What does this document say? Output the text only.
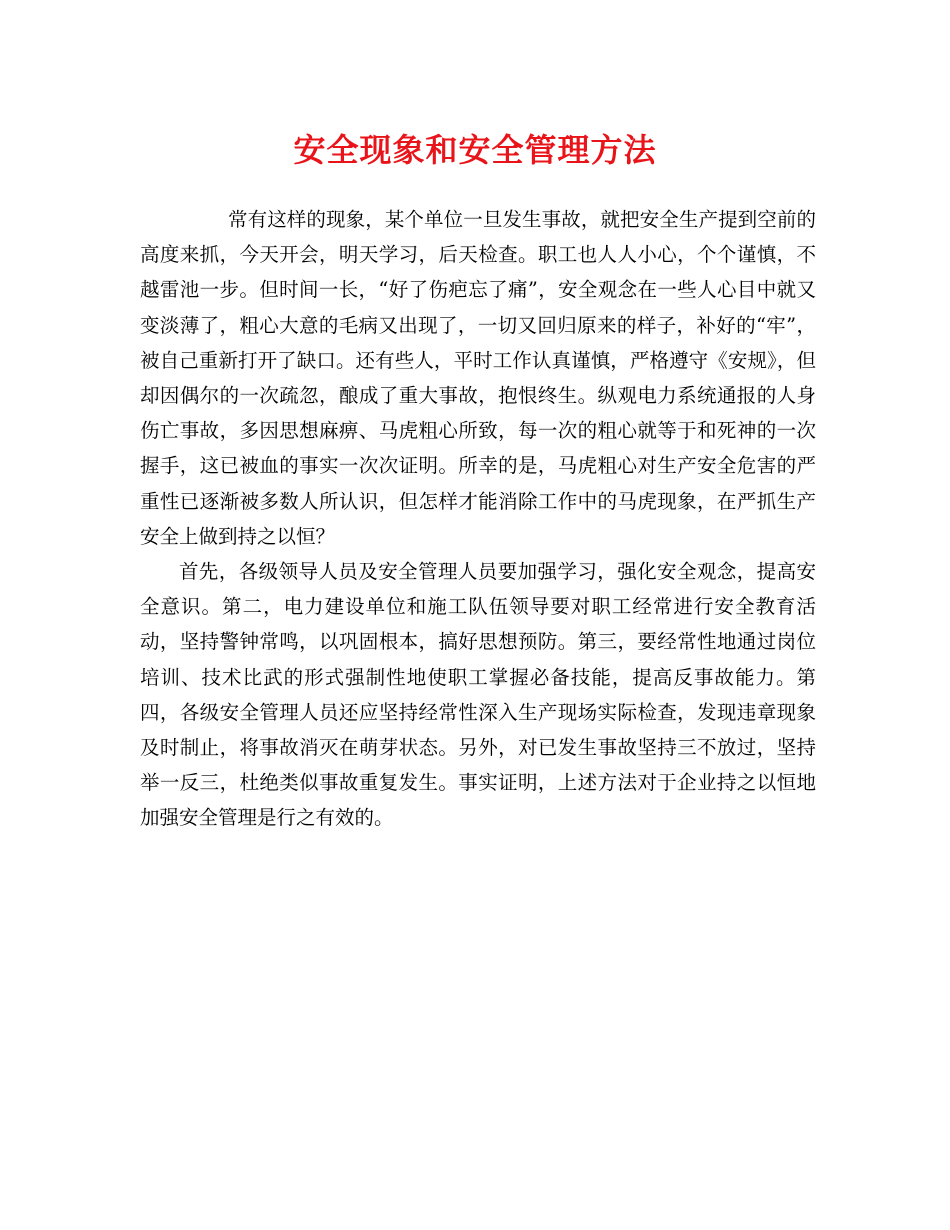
安全现象和安全管理方法

常有这样的现象，某个单位一旦发生事故，就把安全生产提到空前的高度来抓，今天开会，明天学习，后天检查。职工也人人小心，个个谨慎，不越雷池一步。但时间一长，“好了伤疤忘了痛”，安全观念在一些人心目中就又变淡薄了，粗心大意的毛病又出现了，一切又回归原来的样子，补好的“牢”，被自己重新打开了缺口。还有些人，平时工作认真谨慎，严格遵守《安规》，但却因偶尔的一次疏忽，酿成了重大事故，抱恨终生。纵观电力系统通报的人身伤亡事故，多因思想麻痹、马虎粗心所致，每一次的粗心就等于和死神的一次握手，这已被血的事实一次次证明。所幸的是，马虎粗心对生产安全危害的严重性已逐渐被多数人所认识，但怎样才能消除工作中的马虎现象，在严抓生产安全上做到持之以恒？

首先，各级领导人员及安全管理人员要加强学习，强化安全观念，提高安全意识。第二，电力建设单位和施工队伍领导要对职工经常进行安全教育活动，坚持警钟常鸣，以巩固根本，搞好思想预防。第三，要经常性地通过岗位培训、技术比武的形式强制性地使职工掌握必备技能，提高反事故能力。第四，各级安全管理人员还应坚持经常性深入生产现场实际检查，发现违章现象及时制止，将事故消灭在萌芽状态。另外，对已发生事故坚持三不放过，坚持举一反三，杜绝类似事故重复发生。事实证明，上述方法对于企业持之以恒地加强安全管理是行之有效的。
